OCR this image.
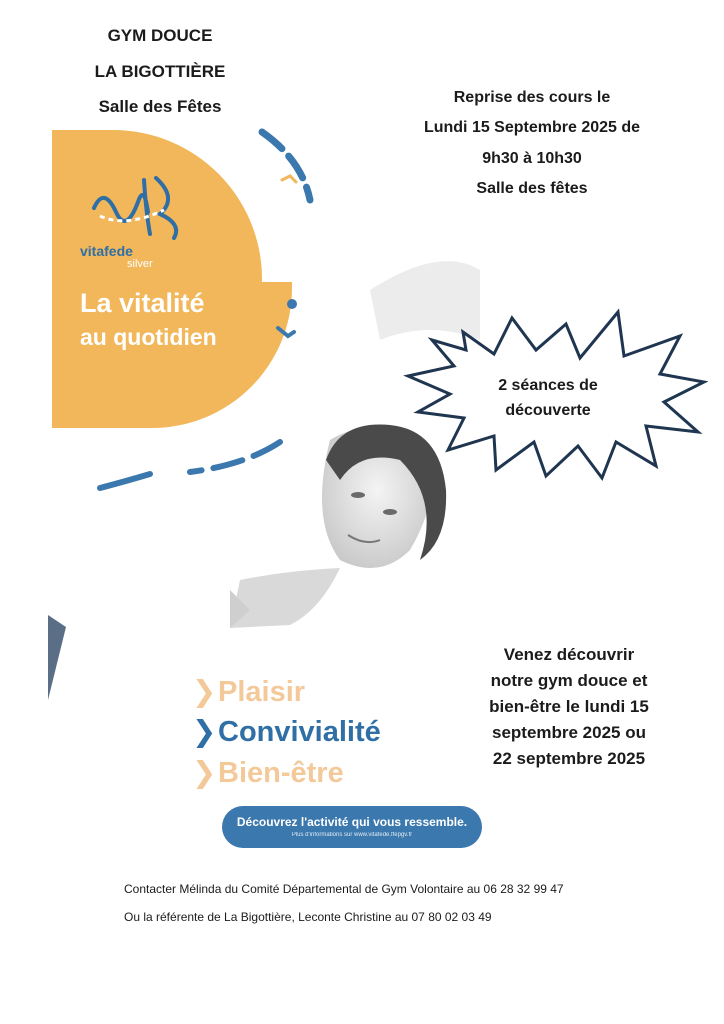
GYM DOUCE
LA BIGOTTIÈRE
Salle des Fêtes	Reprise des cours le
Lundi 15 Septembre 2025 de
9h30 à 10h30
Salle des fêtes
vitafede
silver
La vitalité
au quotidien
2 séances de
découverte
Venez découvrir
notre gym douce et
bien-être le lundi 15
septembre 2025 ou
22 septembre 2025
❯Plaisir
❯Convivialité
❯Bien-être
Découvrez l'activité qui vous ressemble.
Plus d'informations sur www.vitafede.ffepgv.fr
Contacter Mélinda du Comité Départemental de Gym Volontaire au 06 28 32 99 47
Ou la référente de La Bigottière, Leconte Christine au 07 80 02 03 49
